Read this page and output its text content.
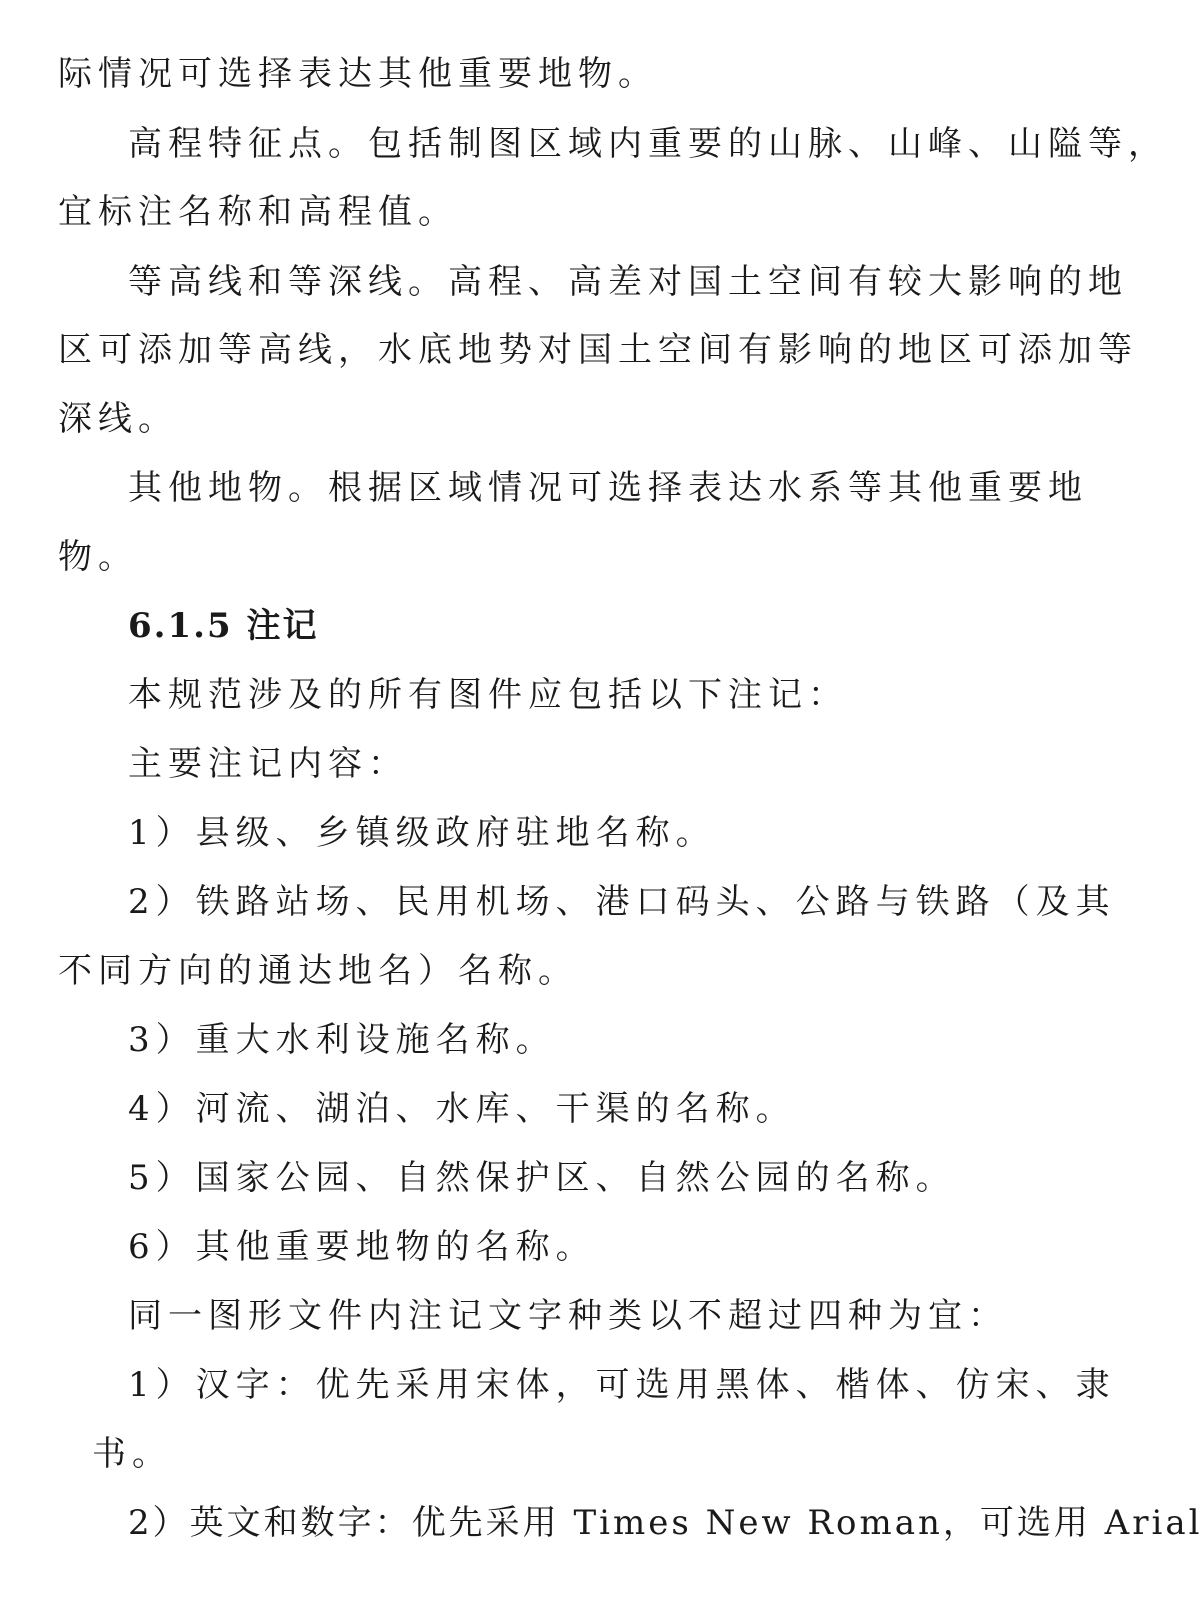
际情况可选择表达其他重要地物。
高程特征点。包括制图区域内重要的山脉、山峰、山隘等，
宜标注名称和高程值。
等高线和等深线。高程、高差对国土空间有较大影响的地
区可添加等高线，水底地势对国土空间有影响的地区可添加等
深线。
其他地物。根据区域情况可选择表达水系等其他重要地
物。
6.1.5 注记
本规范涉及的所有图件应包括以下注记：
主要注记内容：
1）县级、乡镇级政府驻地名称。
2）铁路站场、民用机场、港口码头、公路与铁路（及其
不同方向的通达地名）名称。
3）重大水利设施名称。
4）河流、湖泊、水库、干渠的名称。
5）国家公园、自然保护区、自然公园的名称。
6）其他重要地物的名称。
同一图形文件内注记文字种类以不超过四种为宜：
1）汉字：优先采用宋体，可选用黑体、楷体、仿宋、隶
书。
2）英文和数字：优先采用 Times New Roman，可选用 Arial
